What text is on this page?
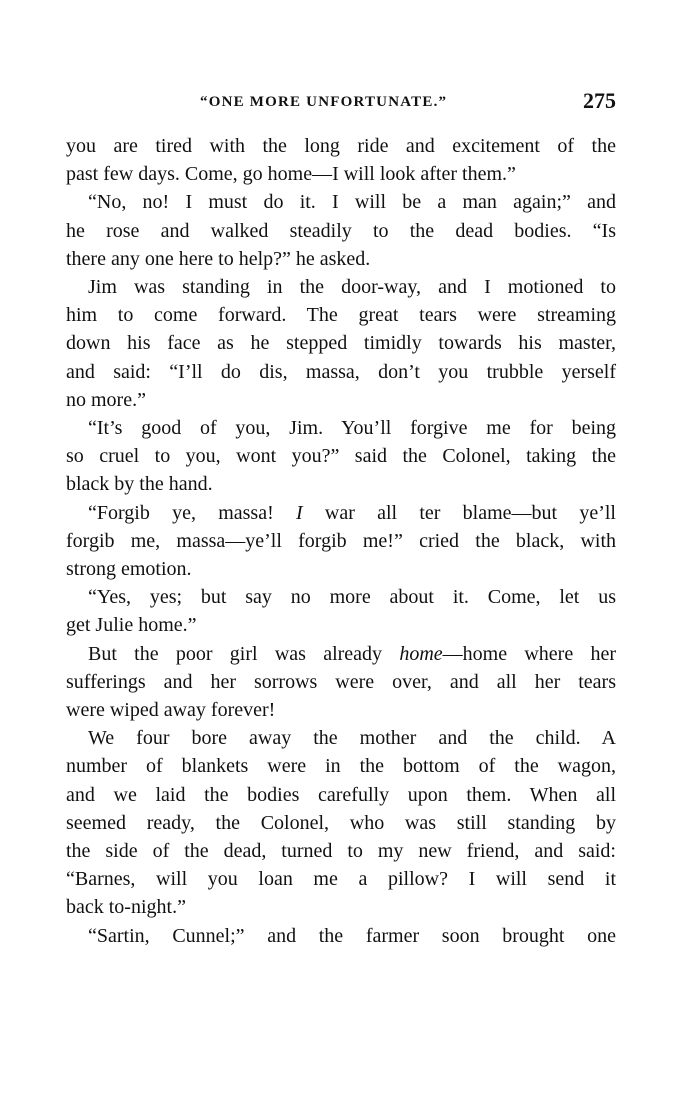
“ONE MORE UNFORTUNATE.”	275
you are tired with the long ride and excitement of the
past few days. Come, go home—I will look after them.”
“No, no! I must do it. I will be a man again;” and
he rose and walked steadily to the dead bodies. “Is
there any one here to help?” he asked.
Jim was standing in the door-way, and I motioned to
him to come forward. The great tears were streaming
down his face as he stepped timidly towards his master,
and said: “I’ll do dis, massa, don’t you trubble yerself
no more.”
“It’s good of you, Jim. You’ll forgive me for being
so cruel to you, wont you?” said the Colonel, taking the
black by the hand.
“Forgib ye, massa! I war all ter blame—but ye’ll
forgib me, massa—ye’ll forgib me!” cried the black, with
strong emotion.
“Yes, yes; but say no more about it. Come, let us
get Julie home.”
But the poor girl was already home—home where her
sufferings and her sorrows were over, and all her tears
were wiped away forever!
We four bore away the mother and the child. A
number of blankets were in the bottom of the wagon,
and we laid the bodies carefully upon them. When all
seemed ready, the Colonel, who was still standing by
the side of the dead, turned to my new friend, and said:
“Barnes, will you loan me a pillow? I will send it
back to-night.”
“Sartin, Cunnel;” and the farmer soon brought one
